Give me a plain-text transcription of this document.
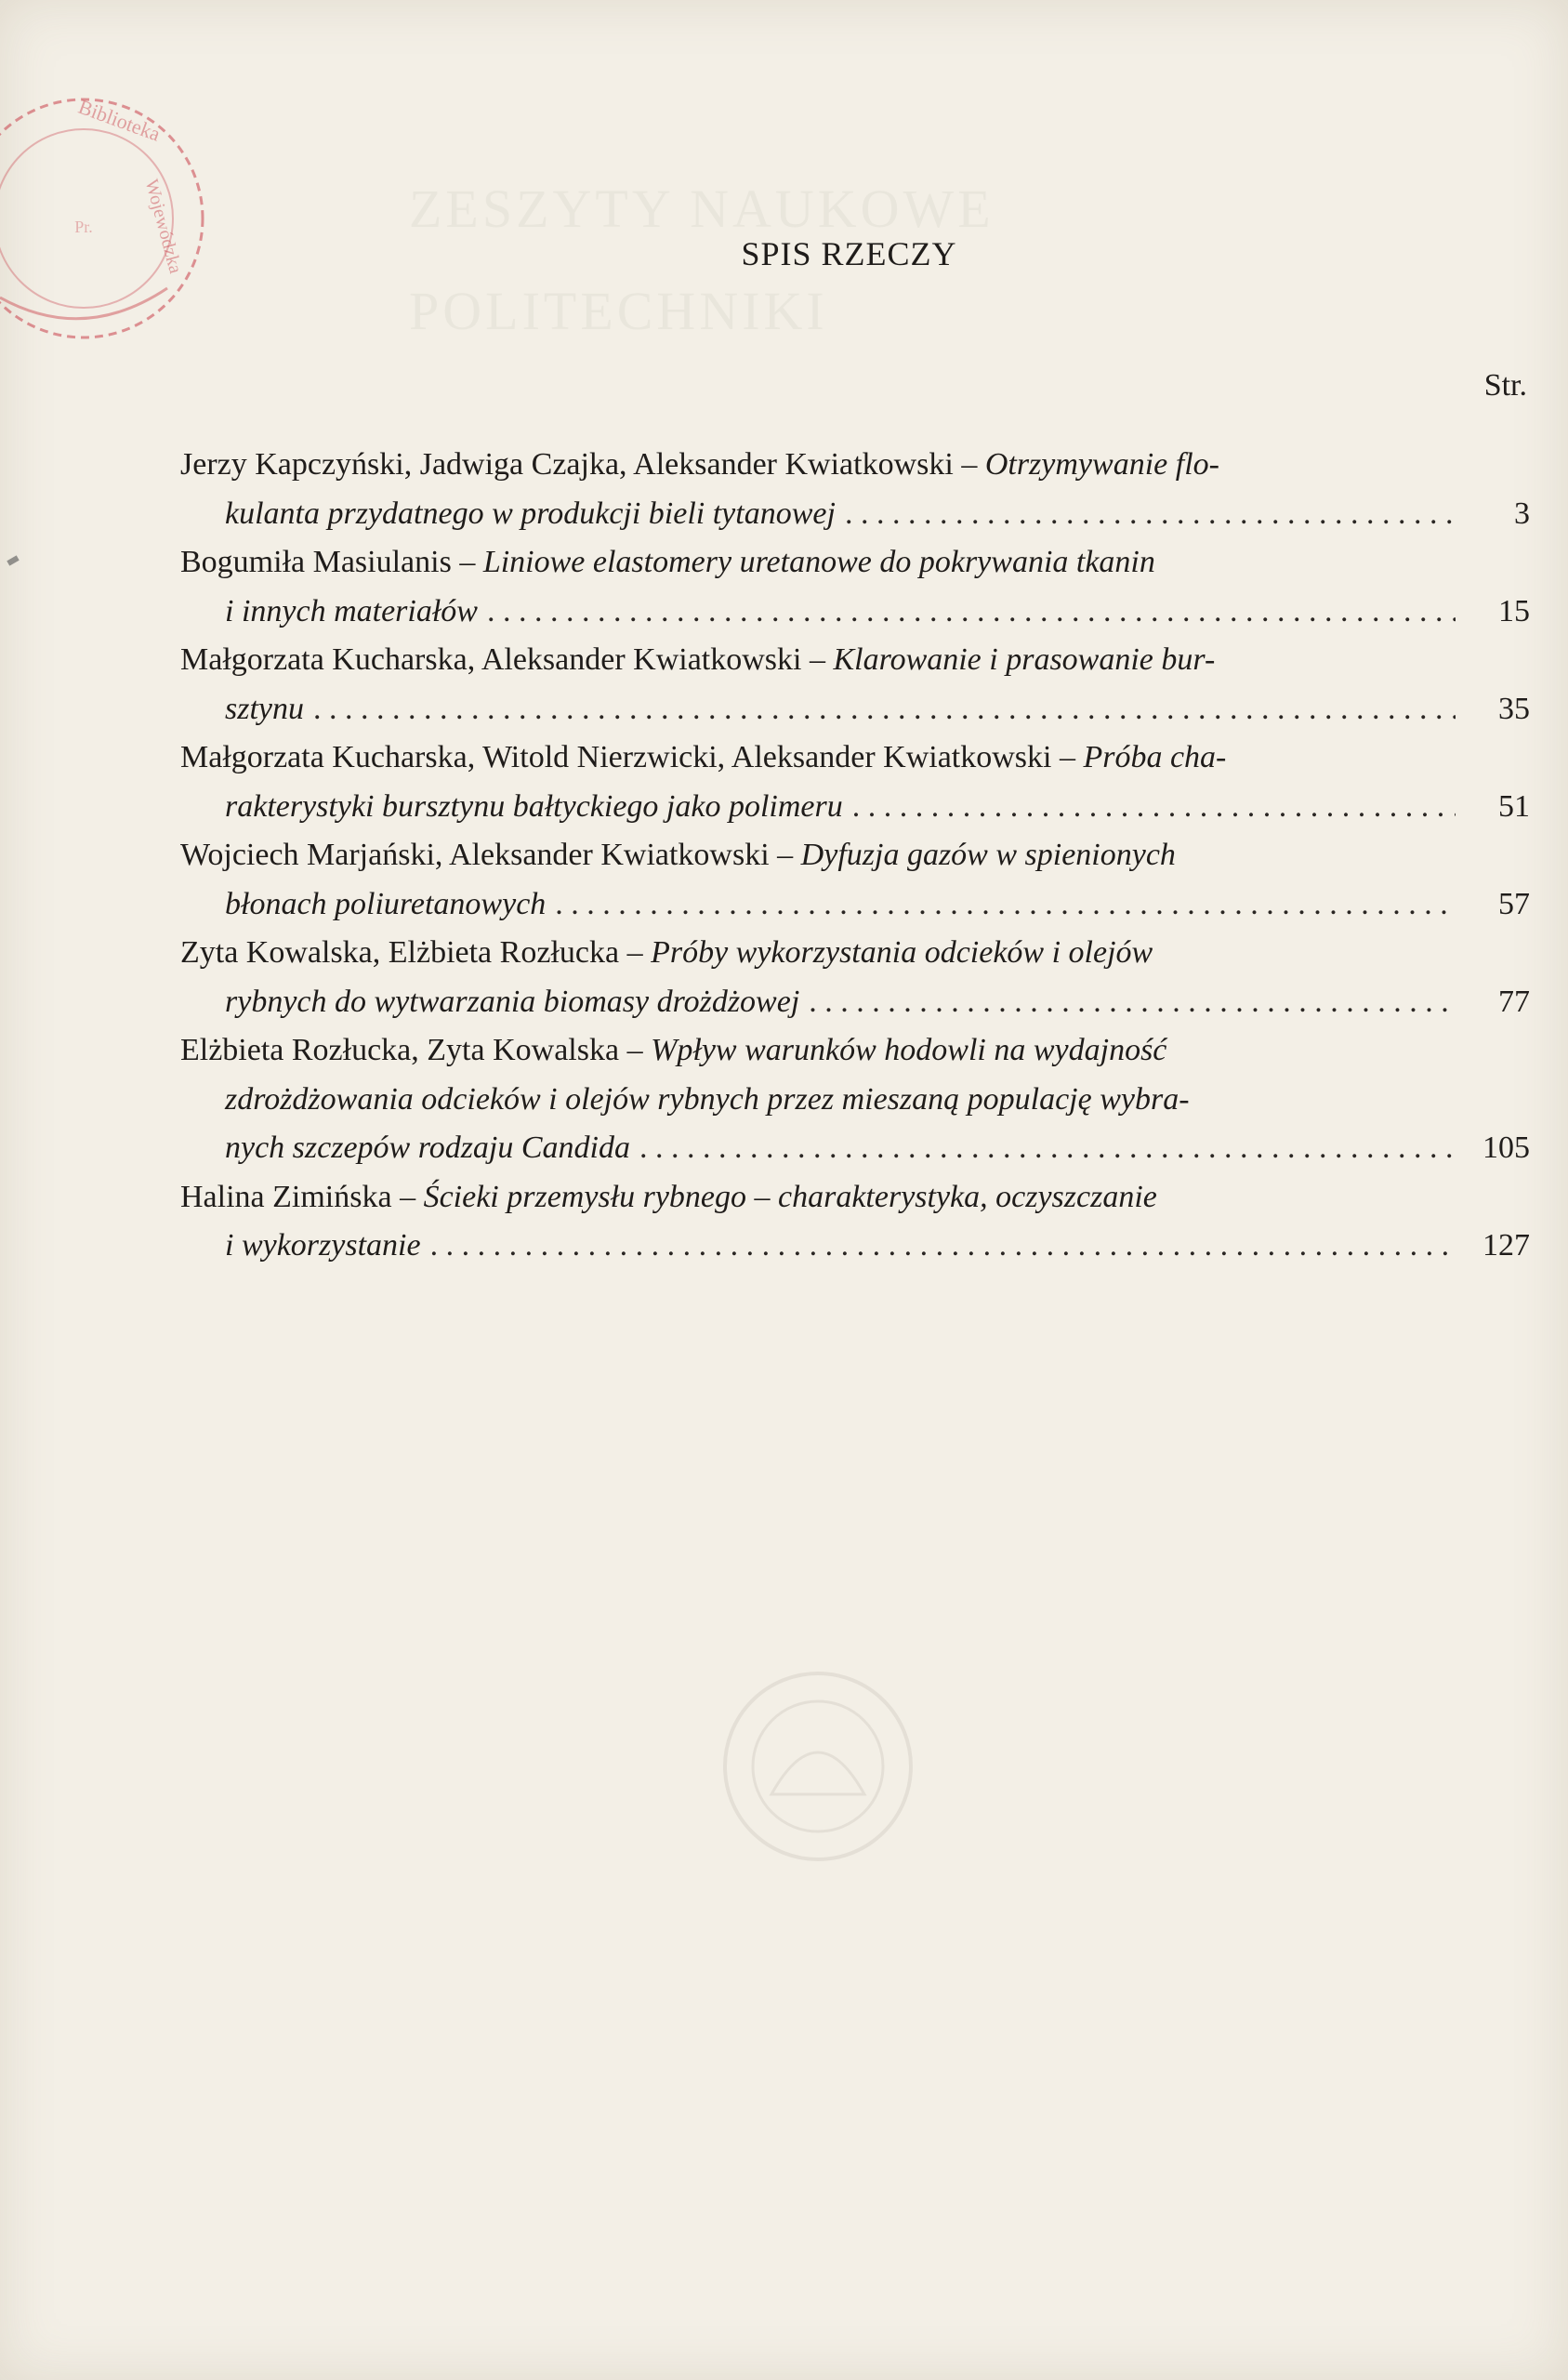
ZESZYTY NAUKOWE
POLITECHNIKI
Biblioteka
Wojewódzka
Pr.
SPIS RZECZY
Str.
Jerzy Kapczyński, Jadwiga Czajka, Aleksander Kwiatkowski – Otrzymywanie flo-
kulanta przydatnego w produkcji bieli tytanowej . . .	3
Bogumiła Masiulanis – Liniowe elastomery uretanowe do pokrywania tkanin
i innych materiałów . . .	15
Małgorzata Kucharska, Aleksander Kwiatkowski – Klarowanie i prasowanie bur-
sztynu . . .	35
Małgorzata Kucharska, Witold Nierzwicki, Aleksander Kwiatkowski – Próba cha-
rakterystyki bursztynu bałtyckiego jako polimeru . . .	51
Wojciech Marjański, Aleksander Kwiatkowski – Dyfuzja gazów w spienionych
błonach poliuretanowych . . .	57
Zyta Kowalska, Elżbieta Rozłucka – Próby wykorzystania odcieków i olejów
rybnych do wytwarzania biomasy drożdżowej . . .	77
Elżbieta Rozłucka, Zyta Kowalska – Wpływ warunków hodowli na wydajność
zdrożdżowania odcieków i olejów rybnych przez mieszaną populację wybra-
nych szczepów rodzaju Candida . . .	105
Halina Zimińska – Ścieki przemysłu rybnego – charakterystyka, oczyszczanie
i wykorzystanie . . .	127
